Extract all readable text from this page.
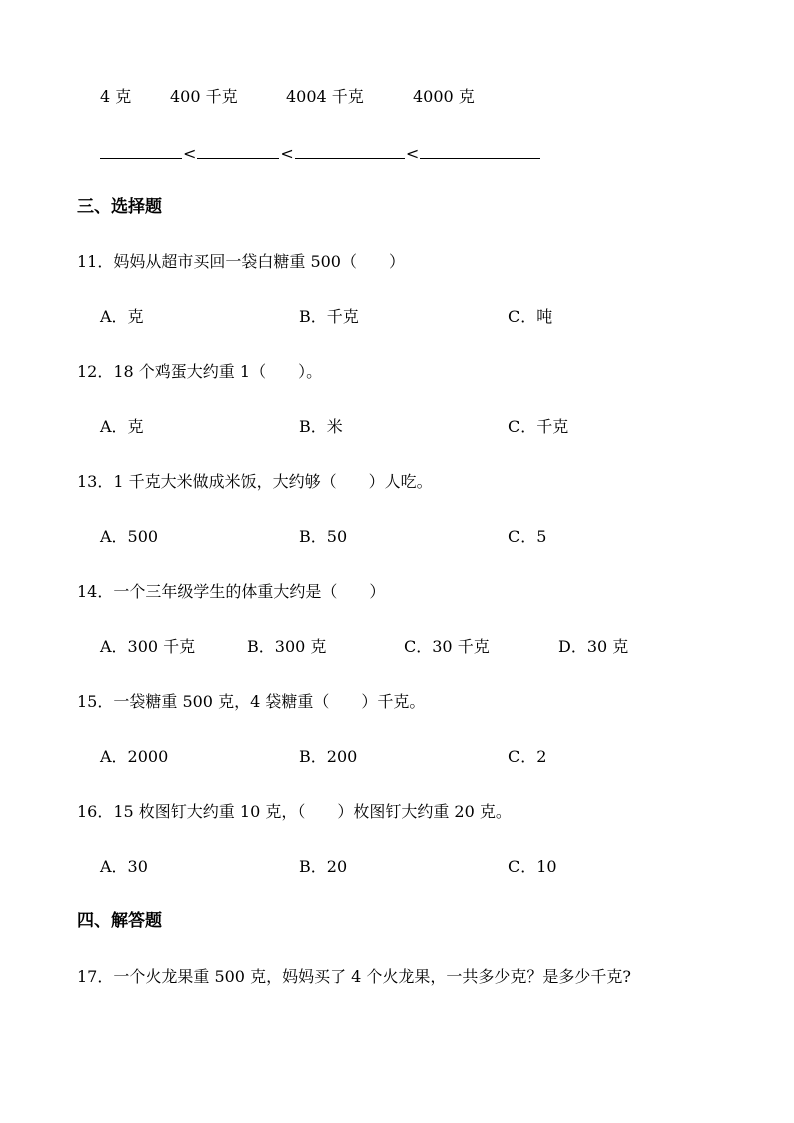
4 克 400 千克	4004 千克	4000 克
<	<	<
三、选择题
11．妈妈从超市买回一袋白糖重 500（　　）
A．克	B．千克	C．吨
12．18 个鸡蛋大约重 1（　　）。
A．克	B．米	C．千克
13．1 千克大米做成米饭，大约够（　　）人吃。
A．500	B．50	C．5
14．一个三年级学生的体重大约是（　　）
A．300 千克	B．300 克	C．30 千克	D．30 克
15．一袋糖重 500 克，4 袋糖重（　　）千克。
A．2000	B．200	C．2
16．15 枚图钉大约重 10 克，（　　）枚图钉大约重 20 克。
A．30	B．20	C．10
四、解答题
17．一个火龙果重 500 克，妈妈买了 4 个火龙果，一共多少克？是多少千克?
